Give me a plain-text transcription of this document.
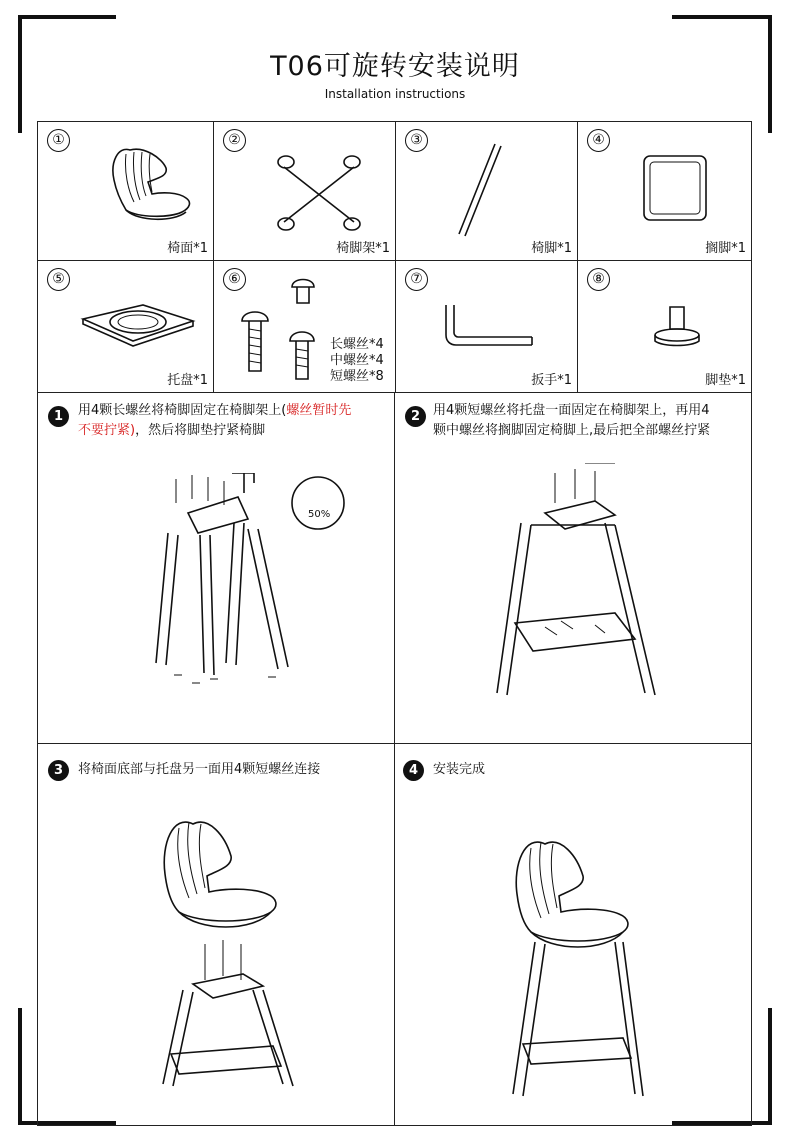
T06可旋转安装说明
Installation instructions
①
椅面*1
②
椅脚架*1
③
椅脚*1
④
搁脚*1
⑤
托盘*1
⑥
长螺丝*4
中螺丝*4
短螺丝*8
⑦
扳手*1
⑧
脚垫*1
1	用4颗长螺丝将椅脚固定在椅脚架上(螺丝暂时先
不要拧紧)，然后将脚垫拧紧椅脚
50%
2 用4颗短螺丝将托盘一面固定在椅脚架上，再用4
颗中螺丝将搁脚固定椅脚上,最后把全部螺丝拧紧
3	将椅面底部与托盘另一面用4颗短螺丝连接	4	安装完成
